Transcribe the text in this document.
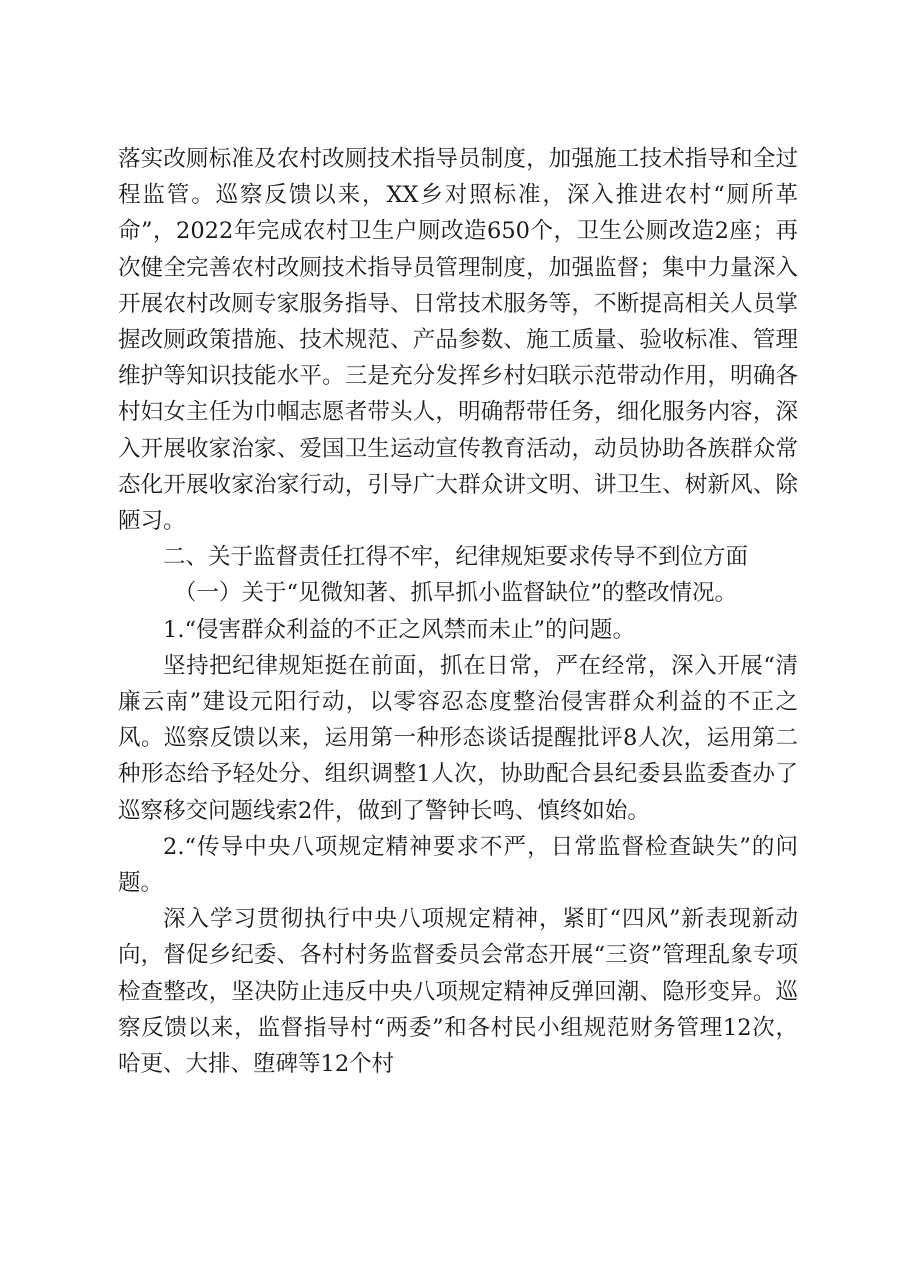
落实改厕标准及农村改厕技术指导员制度，加强施工技术指导和全过程监管。巡察反馈以来，XX乡对照标准，深入推进农村“厕所革命”，2022年完成农村卫生户厕改造650个，卫生公厕改造2座；再次健全完善农村改厕技术指导员管理制度，加强监督；集中力量深入开展农村改厕专家服务指导、日常技术服务等，不断提高相关人员掌握改厕政策措施、技术规范、产品参数、施工质量、验收标准、管理维护等知识技能水平。三是充分发挥乡村妇联示范带动作用，明确各村妇女主任为巾帼志愿者带头人，明确帮带任务，细化服务内容，深入开展收家治家、爱国卫生运动宣传教育活动，动员协助各族群众常态化开展收家治家行动，引导广大群众讲文明、讲卫生、树新风、除陋习。

二、关于监督责任扛得不牢，纪律规矩要求传导不到位方面

（一）关于“见微知著、抓早抓小监督缺位”的整改情况。

1.“侵害群众利益的不正之风禁而未止”的问题。

坚持把纪律规矩挺在前面，抓在日常，严在经常，深入开展“清廉云南”建设元阳行动，以零容忍态度整治侵害群众利益的不正之风。巡察反馈以来，运用第一种形态谈话提醒批评8人次，运用第二种形态给予轻处分、组织调整1人次，协助配合县纪委县监委查办了巡察移交问题线索2件，做到了警钟长鸣、慎终如始。

2.“传导中央八项规定精神要求不严，日常监督检查缺失”的问题。

深入学习贯彻执行中央八项规定精神，紧盯“四风”新表现新动向，督促乡纪委、各村村务监督委员会常态开展“三资”管理乱象专项检查整改，坚决防止违反中央八项规定精神反弹回潮、隐形变异。巡察反馈以来，监督指导村“两委”和各村民小组规范财务管理12次，哈更、大排、堕碑等12个村
